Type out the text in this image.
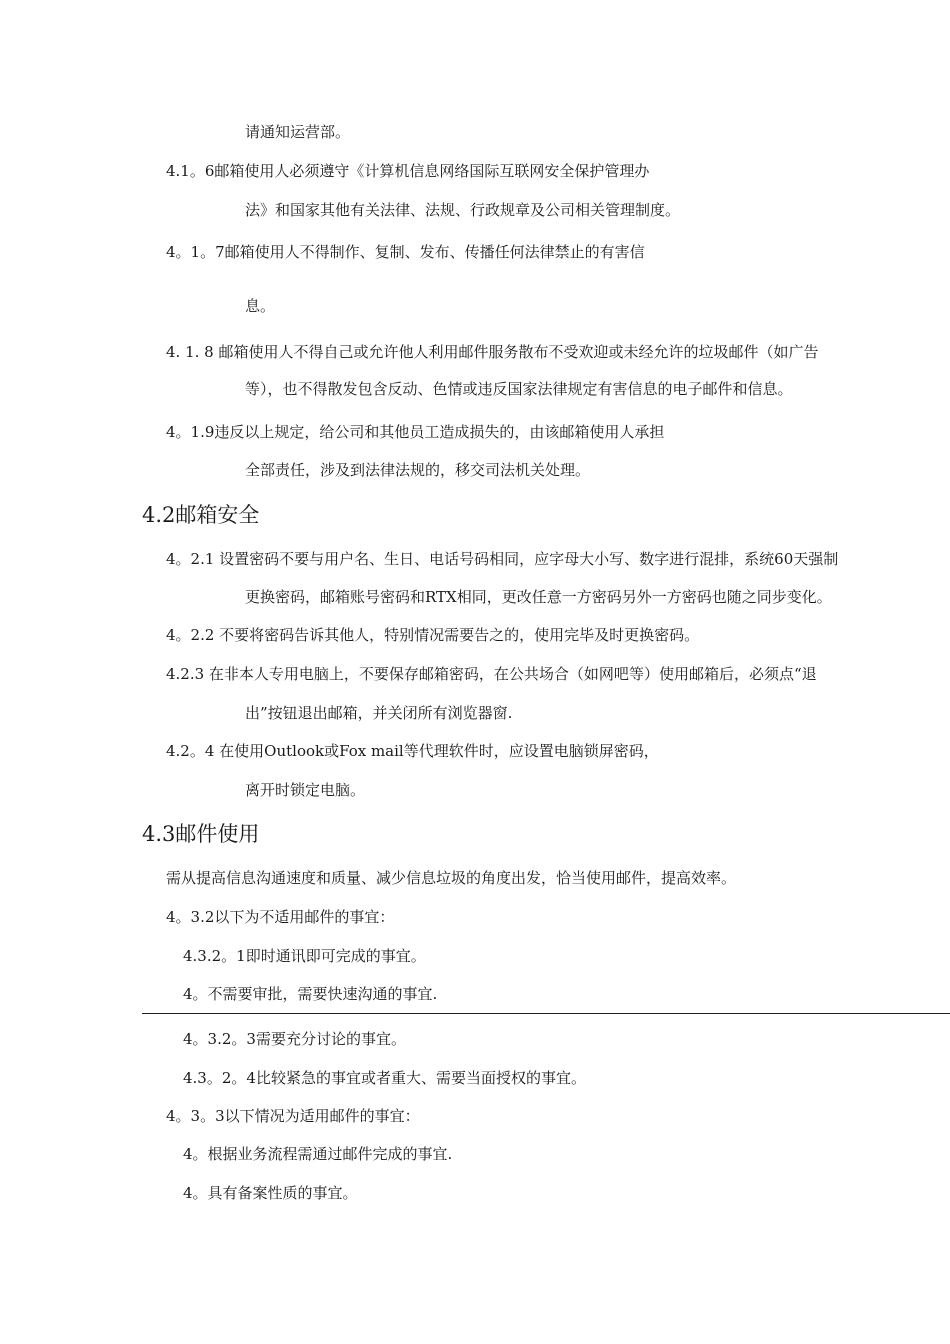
请通知运营部。
4.1。6邮箱使用人必须遵守《计算机信息网络国际互联网安全保护管理办
法》和国家其他有关法律、法规、行政规章及公司相关管理制度。
4。1。7邮箱使用人不得制作、复制、发布、传播任何法律禁止的有害信
息。
4. 1. 8 邮箱使用人不得自己或允许他人利用邮件服务散布不受欢迎或未经允许的垃圾邮件（如广告
等），也不得散发包含反动、色情或违反国家法律规定有害信息的电子邮件和信息。
4。1.9违反以上规定，给公司和其他员工造成损失的，由该邮箱使用人承担
全部责任，涉及到法律法规的，移交司法机关处理。
4.2邮箱安全
4。2.1 设置密码不要与用户名、生日、电话号码相同，应字母大小写、数字进行混排，系统60天强制
更换密码，邮箱账号密码和RTX相同，更改任意一方密码另外一方密码也随之同步变化。
4。2.2 不要将密码告诉其他人，特别情况需要告之的，使用完毕及时更换密码。
4.2.3 在非本人专用电脑上，不要保存邮箱密码，在公共场合（如网吧等）使用邮箱后，必须点“退
出”按钮退出邮箱，并关闭所有浏览器窗.
4.2。4 在使用Outlook或Fox mail等代理软件时，应设置电脑锁屏密码，
离开时锁定电脑。
4.3邮件使用
需从提高信息沟通速度和质量、减少信息垃圾的角度出发，恰当使用邮件，提高效率。
4。3.2以下为不适用邮件的事宜：
4.3.2。1即时通讯即可完成的事宜。
4。不需要审批，需要快速沟通的事宜.
4。3.2。3需要充分讨论的事宜。
4.3。2。4比较紧急的事宜或者重大、需要当面授权的事宜。
4。3。3以下情况为适用邮件的事宜：
4。根据业务流程需通过邮件完成的事宜.
4。具有备案性质的事宜。
